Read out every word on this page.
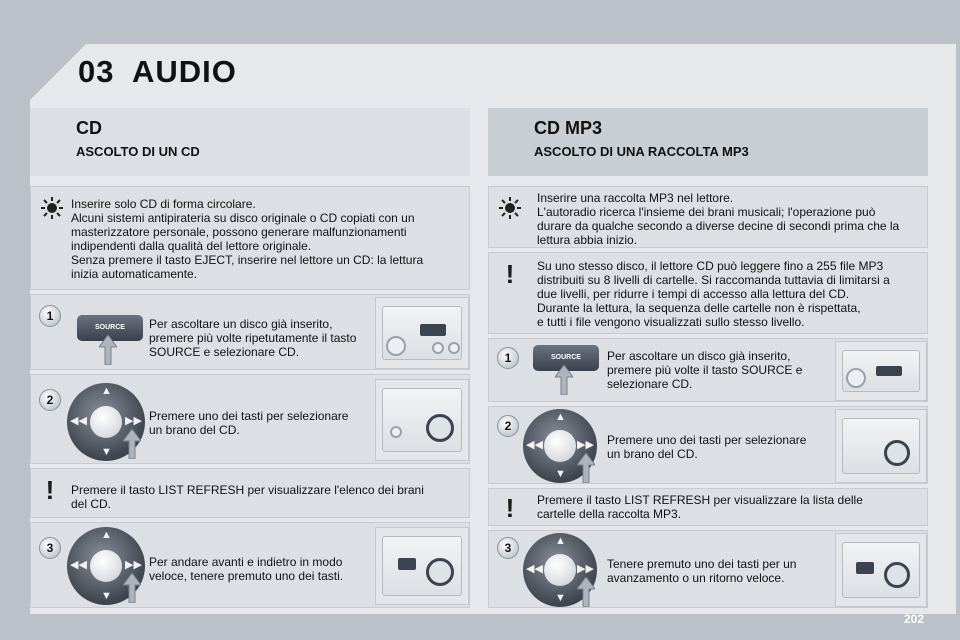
03 AUDIO
CD
ASCOLTO DI UN CD
CD MP3
ASCOLTO DI UNA RACCOLTA MP3
Inserire solo CD di forma circolare.
Alcuni sistemi antipirateria su disco originale o CD copiati con un
masterizzatore personale, possono generare malfunzionamenti
indipendenti dalla qualità del lettore originale.
Senza premere il tasto EJECT, inserire nel lettore un CD: la lettura
inizia automaticamente.
1
SOURCE	Per ascoltare un disco già inserito,
premere più volte ripetutamente il tasto
SOURCE e selezionare CD.
2
▲
▼
◀◀	▶▶ Premere uno dei tasti per selezionare
un brano del CD.
!	Premere il tasto LIST REFRESH per visualizzare l'elenco dei brani
del CD.
3
▲
▼
◀◀	▶▶ Per andare avanti e indietro in modo
veloce, tenere premuto uno dei tasti.
Inserire una raccolta MP3 nel lettore.
L'autoradio ricerca l'insieme dei brani musicali; l'operazione può
durare da qualche secondo a diverse decine di secondi prima che la
lettura abbia inizio.
!	Su uno stesso disco, il lettore CD può leggere fino a 255 file MP3
distribuiti su 8 livelli di cartelle. Si raccomanda tuttavia di limitarsi a
due livelli, per ridurre i tempi di accesso alla lettura del CD.
Durante la lettura, la sequenza delle cartelle non è rispettata,
e tutti i file vengono visualizzati sullo stesso livello.
1	SOURCE	Per ascoltare un disco già inserito,
premere più volte il tasto SOURCE e
selezionare CD.
2
▲
▼
◀◀	▶▶ Premere uno dei tasti per selezionare
un brano del CD.
!	Premere il tasto LIST REFRESH per visualizzare la lista delle
cartelle della raccolta MP3.
3	▲
▼
◀◀	▶▶ Tenere premuto uno dei tasti per un
avanzamento o un ritorno veloce.
202
